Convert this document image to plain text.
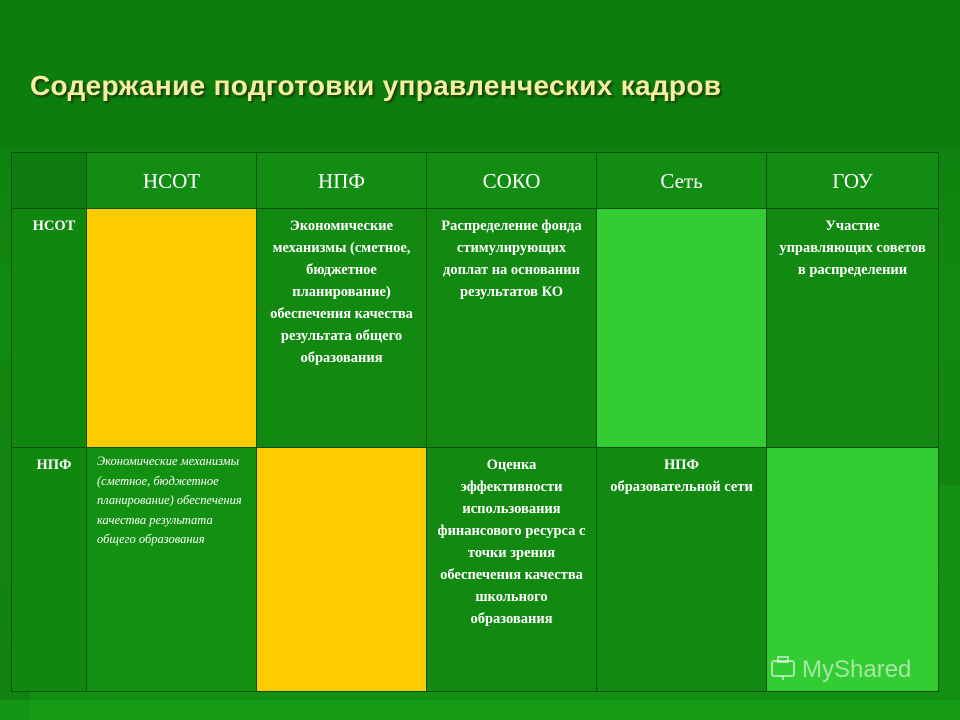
Содержание подготовки управленческих кадров
	НСОТ	НПФ	СОКО	Сеть	ГОУ
НСОТ		Экономические механизмы (сметное, бюджетное планирование) обеспечения качества результата общего образования	Распределение фонда стимулирующих доплат на основании результатов КО		Участие управляющих советов в распределении

НПФ	Экономические механизмы (сметное, бюджетное планирование) обеспечения качества результата общего образования		Оценка эффективности использования финансового ресурса с точки зрения обеспечения качества школьного образования	НПФ образовательной сети	

MyShared
